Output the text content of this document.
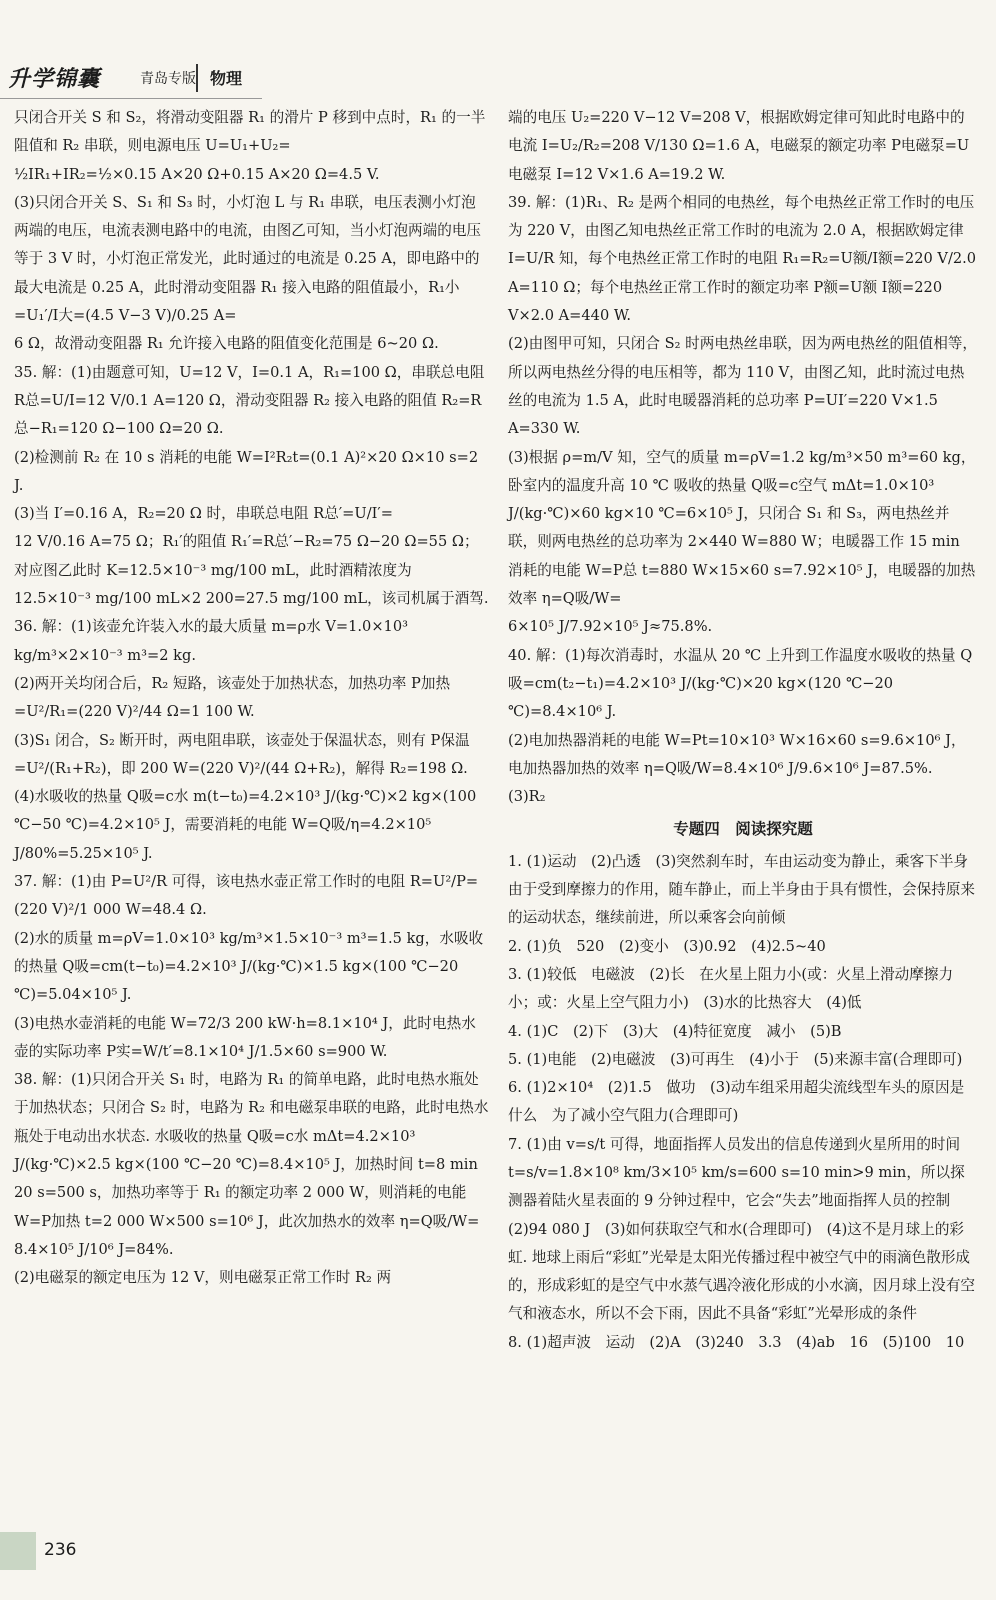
升学锦囊	青岛专版 物理

只闭合开关 S 和 S₂，将滑动变阻器 R₁ 的滑片 P 移到中点时，R₁ 的一半阻值和 R₂ 串联，则电源电压 U=U₁+U₂=

½IR₁+IR₂=½×0.15 A×20 Ω+0.15 A×20 Ω=4.5 V.

(3)只闭合开关 S、S₁ 和 S₃ 时，小灯泡 L 与 R₁ 串联，电压表测小灯泡两端的电压，电流表测电路中的电流，由图乙可知，当小灯泡两端的电压等于 3 V 时，小灯泡正常发光，此时通过的电流是 0.25 A，即电路中的最大电流是 0.25 A，此时滑动变阻器 R₁ 接入电路的阻值最小，R₁小=U₁′/I大=(4.5 V−3 V)/0.25 A=

6 Ω，故滑动变阻器 R₁ 允许接入电路的阻值变化范围是 6~20 Ω.

35. 解：(1)由题意可知，U=12 V，I=0.1 A，R₁=100 Ω，串联总电阻 R总=U/I=12 V/0.1 A=120 Ω，滑动变阻器 R₂ 接入电路的阻值 R₂=R总−R₁=120 Ω−100 Ω=20 Ω.

(2)检测前 R₂ 在 10 s 消耗的电能 W=I²R₂t=(0.1 A)²×20 Ω×10 s=2 J.

(3)当 I′=0.16 A，R₂=20 Ω 时，串联总电阻 R总′=U/I′=

12 V/0.16 A=75 Ω；R₁′的阻值 R₁′=R总′−R₂=75 Ω−20 Ω=55 Ω；对应图乙此时 K=12.5×10⁻³ mg/100 mL，此时酒精浓度为 12.5×10⁻³ mg/100 mL×2 200=27.5 mg/100 mL，该司机属于酒驾.

36. 解：(1)该壶允许装入水的最大质量 m=ρ水 V=1.0×10³ kg/m³×2×10⁻³ m³=2 kg.

(2)两开关均闭合后，R₂ 短路，该壶处于加热状态，加热功率 P加热=U²/R₁=(220 V)²/44 Ω=1 100 W.

(3)S₁ 闭合，S₂ 断开时，两电阻串联，该壶处于保温状态，则有 P保温=U²/(R₁+R₂)，即 200 W=(220 V)²/(44 Ω+R₂)，解得 R₂=198 Ω.

(4)水吸收的热量 Q吸=c水 m(t−t₀)=4.2×10³ J/(kg·℃)×2 kg×(100 ℃−50 ℃)=4.2×10⁵ J，需要消耗的电能 W=Q吸/η=4.2×10⁵ J/80%=5.25×10⁵ J.

37. 解：(1)由 P=U²/R 可得，该电热水壶正常工作时的电阻 R=U²/P=(220 V)²/1 000 W=48.4 Ω.

(2)水的质量 m=ρV=1.0×10³ kg/m³×1.5×10⁻³ m³=1.5 kg，水吸收的热量 Q吸=cm(t−t₀)=4.2×10³ J/(kg·℃)×1.5 kg×(100 ℃−20 ℃)=5.04×10⁵ J.

(3)电热水壶消耗的电能 W=72/3 200 kW·h=8.1×10⁴ J，此时电热水壶的实际功率 P实=W/t′=8.1×10⁴ J/1.5×60 s=900 W.

38. 解：(1)只闭合开关 S₁ 时，电路为 R₁ 的简单电路，此时电热水瓶处于加热状态；只闭合 S₂ 时，电路为 R₂ 和电磁泵串联的电路，此时电热水瓶处于电动出水状态. 水吸收的热量 Q吸=c水 mΔt=4.2×10³ J/(kg·℃)×2.5 kg×(100 ℃−20 ℃)=8.4×10⁵ J，加热时间 t=8 min 20 s=500 s，加热功率等于 R₁ 的额定功率 2 000 W，则消耗的电能 W=P加热 t=2 000 W×500 s=10⁶ J，此次加热水的效率 η=Q吸/W=

8.4×10⁵ J/10⁶ J=84%.

(2)电磁泵的额定电压为 12 V，则电磁泵正常工作时 R₂ 两

端的电压 U₂=220 V−12 V=208 V，根据欧姆定律可知此时电路中的电流 I=U₂/R₂=208 V/130 Ω=1.6 A，电磁泵的额定功率 P电磁泵=U电磁泵 I=12 V×1.6 A=19.2 W.

39. 解：(1)R₁、R₂ 是两个相同的电热丝，每个电热丝正常工作时的电压为 220 V，由图乙知电热丝正常工作时的电流为 2.0 A，根据欧姆定律 I=U/R 知，每个电热丝正常工作时的电阻 R₁=R₂=U额/I额=220 V/2.0 A=110 Ω；每个电热丝正常工作时的额定功率 P额=U额 I额=220 V×2.0 A=440 W.

(2)由图甲可知，只闭合 S₂ 时两电热丝串联，因为两电热丝的阻值相等，所以两电热丝分得的电压相等，都为 110 V，由图乙知，此时流过电热丝的电流为 1.5 A，此时电暖器消耗的总功率 P=UI′=220 V×1.5 A=330 W.

(3)根据 ρ=m/V 知，空气的质量 m=ρV=1.2 kg/m³×50 m³=60 kg，卧室内的温度升高 10 ℃ 吸收的热量 Q吸=c空气 mΔt=1.0×10³ J/(kg·℃)×60 kg×10 ℃=6×10⁵ J，只闭合 S₁ 和 S₃，两电热丝并联，则两电热丝的总功率为 2×440 W=880 W；电暖器工作 15 min 消耗的电能 W=P总 t=880 W×15×60 s=7.92×10⁵ J，电暖器的加热效率 η=Q吸/W=

6×10⁵ J/7.92×10⁵ J≈75.8%.

40. 解：(1)每次消毒时，水温从 20 ℃ 上升到工作温度水吸收的热量 Q吸=cm(t₂−t₁)=4.2×10³ J/(kg·℃)×20 kg×(120 ℃−20 ℃)=8.4×10⁶ J.

(2)电加热器消耗的电能 W=Pt=10×10³ W×16×60 s=9.6×10⁶ J，电加热器加热的效率 η=Q吸/W=8.4×10⁶ J/9.6×10⁶ J=87.5%.

(3)R₂

专题四　阅读探究题

1. (1)运动　(2)凸透　(3)突然刹车时，车由运动变为静止，乘客下半身由于受到摩擦力的作用，随车静止，而上半身由于具有惯性，会保持原来的运动状态，继续前进，所以乘客会向前倾

2. (1)负　520　(2)变小　(3)0.92　(4)2.5~40

3. (1)较低　电磁波　(2)长　在火星上阻力小(或：火星上滑动摩擦力小；或：火星上空气阻力小)　(3)水的比热容大　(4)低

4. (1)C　(2)下　(3)大　(4)特征宽度　减小　(5)B

5. (1)电能　(2)电磁波　(3)可再生　(4)小于　(5)来源丰富(合理即可)

6. (1)2×10⁴　(2)1.5　做功　(3)动车组采用超尖流线型车头的原因是什么　为了减小空气阻力(合理即可)

7. (1)由 v=s/t 可得，地面指挥人员发出的信息传递到火星所用的时间 t=s/v=1.8×10⁸ km/3×10⁵ km/s=600 s=10 min>9 min，所以探测器着陆火星表面的 9 分钟过程中，它会“失去”地面指挥人员的控制　(2)94 080 J　(3)如何获取空气和水(合理即可)　(4)这不是月球上的彩虹. 地球上雨后“彩虹”光晕是太阳光传播过程中被空气中的雨滴色散形成的，形成彩虹的是空气中水蒸气遇冷液化形成的小水滴，因月球上没有空气和液态水，所以不会下雨，因此不具备“彩虹”光晕形成的条件

8. (1)超声波　运动　(2)A　(3)240　3.3　(4)ab　16　(5)100　10

236
